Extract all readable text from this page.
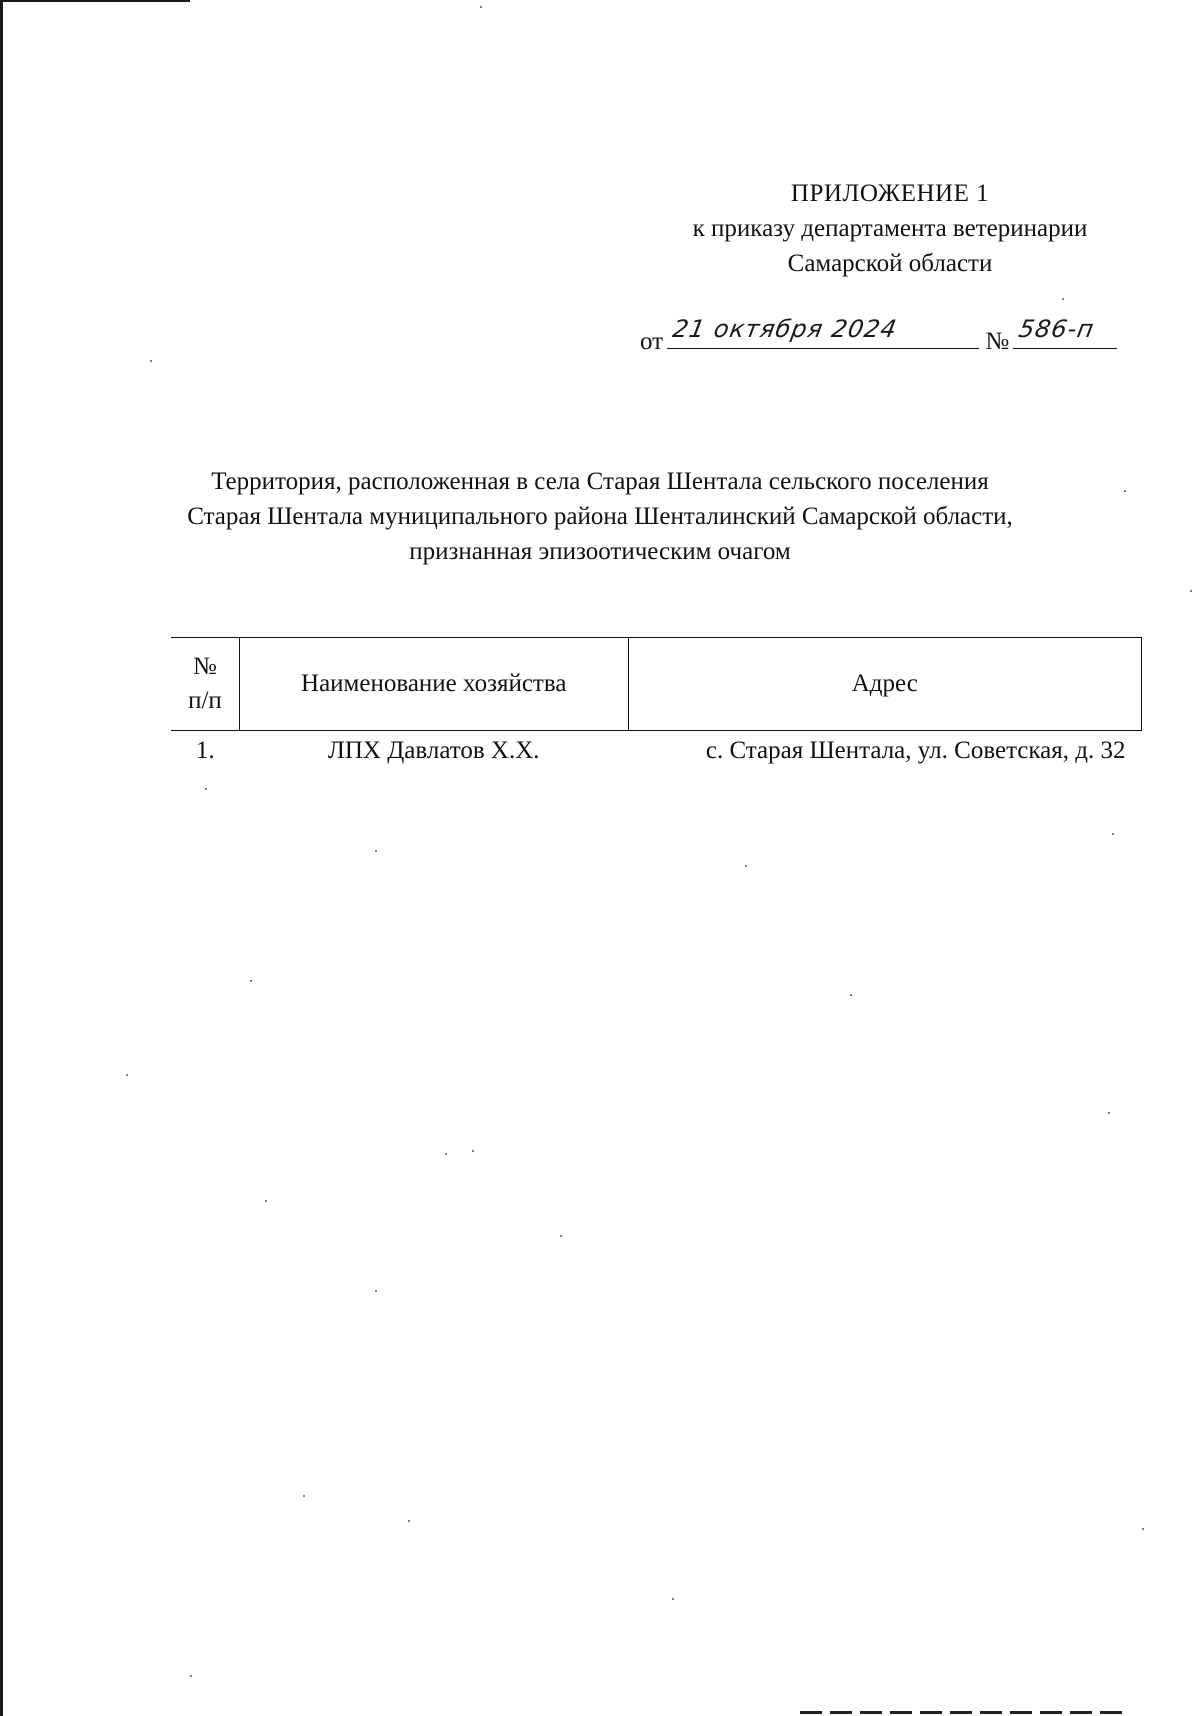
ПРИЛОЖЕНИЕ 1
к приказу департамента ветеринарии
Самарской области
от 21 октября 2024	№ 586-п
Территория, расположенная в села Старая Шентала сельского поселения
Старая Шентала муниципального района Шенталинский Самарской области,
признанная эпизоотическим очагом
№
п/п	Наименование хозяйства	Адрес
1.	ЛПХ Давлатов Х.Х.	с. Старая Шентала, ул. Советская, д. 32
